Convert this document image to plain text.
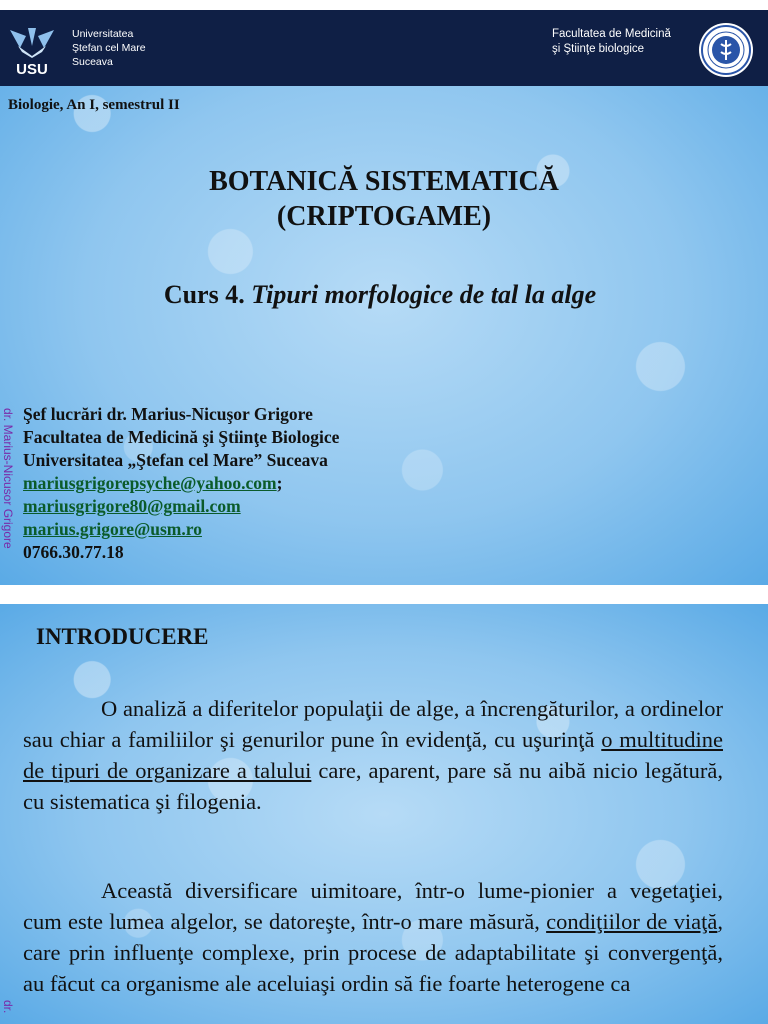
USU
Universitatea
Ştefan cel Mare
Suceava
Facultatea de Medicină
şi Ştiinţe biologice
Biologie, An I, semestrul II
BOTANICĂ SISTEMATICĂ
(CRIPTOGAME)
Curs 4. Tipuri morfologice de tal la alge
dr. Marius-Nicusor Grigore Şef lucrări dr. Marius-Nicuşor Grigore
Facultatea de Medicină şi Ştiinţe Biologice
Universitatea „Ştefan cel Mare” Suceava
mariusgrigorepsyche@yahoo.com;
mariusgrigore80@gmail.com
marius.grigore@usm.ro
0766.30.77.18
INTRODUCERE
O analiză a diferitelor populaţii de alge, a încrengăturilor, a ordinelor sau chiar a familiilor şi genurilor pune în evidenţă, cu uşurinţă o multitudine de tipuri de organizare a talului care, aparent, pare să nu aibă nicio legătură, cu sistematica şi filogenia.
Această diversificare uimitoare, într-o lume-pionier a vegetaţiei, cum este lumea algelor, se datoreşte, într-o mare măsură, condiţiilor de viaţă, care prin influenţe complexe, prin procese de adaptabilitate şi convergenţă, au făcut ca organisme ale aceluiaşi ordin să fie foarte heterogene ca
dr.
